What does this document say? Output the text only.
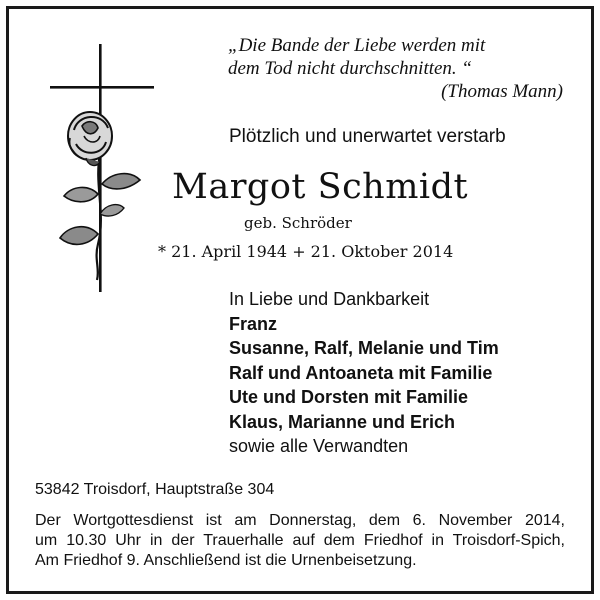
„Die Bande der Liebe werden mit
dem Tod nicht durchschnitten. “
(Thomas Mann)
Plötzlich und unerwartet verstarb
Margot Schmidt
geb. Schröder
* 21. April 1944 + 21. Oktober 2014
In Liebe und Dankbarkeit
Franz
Susanne, Ralf, Melanie und Tim
Ralf und Antoaneta mit Familie
Ute und Dorsten mit Familie
Klaus, Marianne und Erich
sowie alle Verwandten
53842 Troisdorf, Hauptstraße 304
Der Wortgottesdienst ist am Donnerstag, dem 6. November 2014,
um 10.30 Uhr in der Trauerhalle auf dem Friedhof in Troisdorf-Spich,
Am Friedhof 9. Anschließend ist die Urnenbeisetzung.
